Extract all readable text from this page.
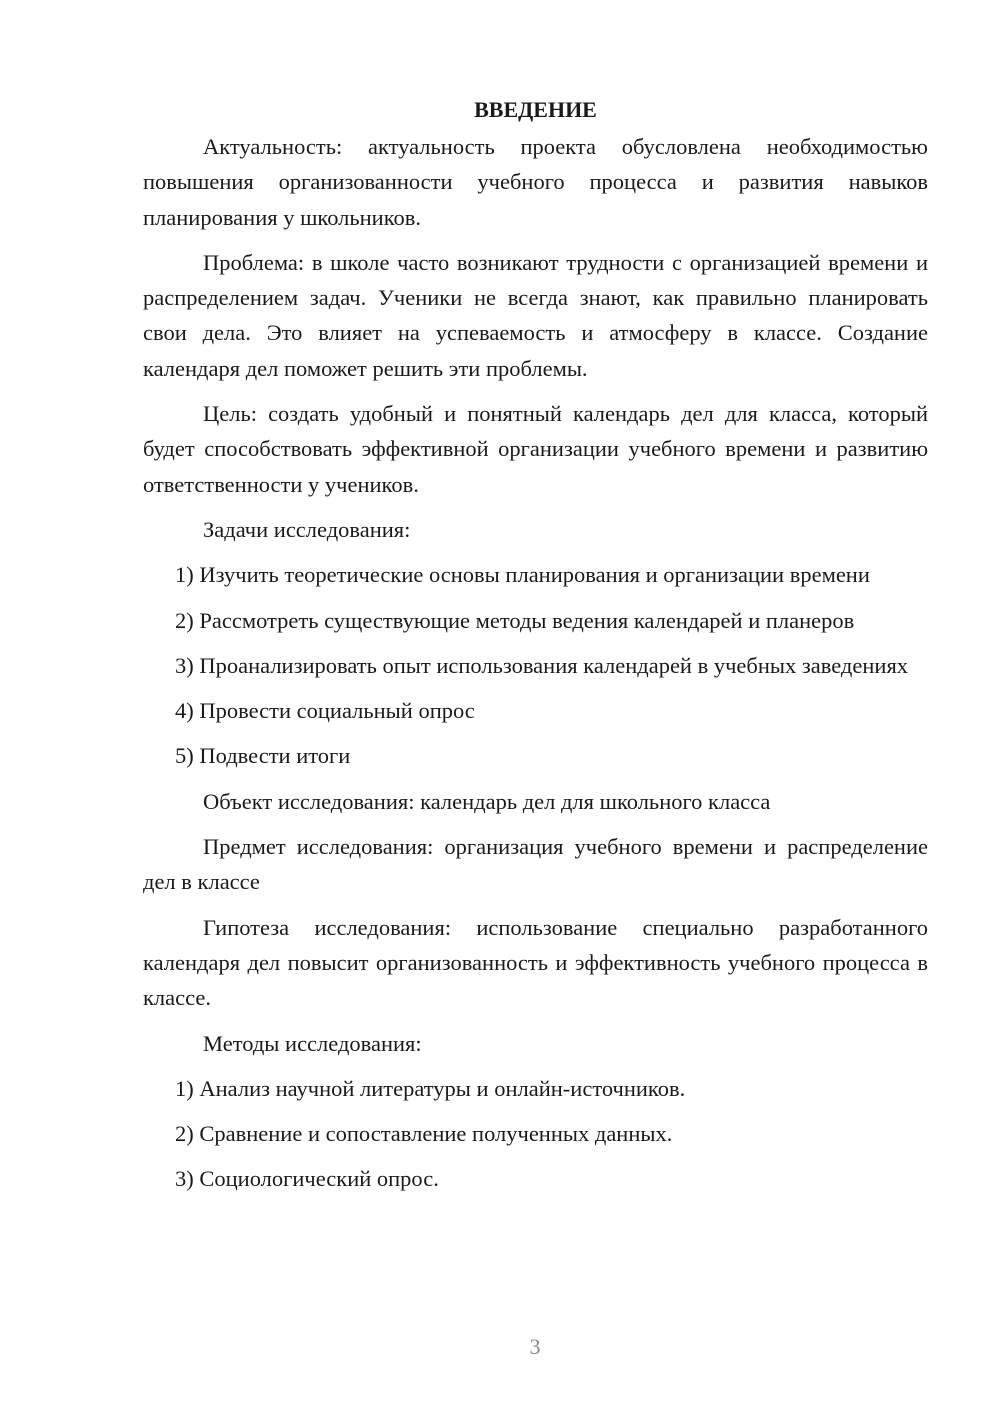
ВВЕДЕНИЕ
Актуальность: актуальность проекта обусловлена необходимостью повышения организованности учебного процесса и развития навыков планирования у школьников.
Проблема: в школе часто возникают трудности с организацией времени и распределением задач. Ученики не всегда знают, как правильно планировать свои дела. Это влияет на успеваемость и атмосферу в классе. Создание календаря дел поможет решить эти проблемы.
Цель: создать удобный и понятный календарь дел для класса, который будет способствовать эффективной организации учебного времени и развитию ответственности у учеников.
Задачи исследования:
1) Изучить теоретические основы планирования и организации времени
2) Рассмотреть существующие методы ведения календарей и планеров
3) Проанализировать опыт использования календарей в учебных заведениях
4) Провести социальный опрос
5) Подвести итоги
Объект исследования: календарь дел для школьного класса
Предмет исследования: организация учебного времени и распределение дел в классе
Гипотеза исследования: использование специально разработанного календаря дел повысит организованность и эффективность учебного процесса в классе.
Методы исследования:
1) Анализ научной литературы и онлайн-источников.
2) Сравнение и сопоставление полученных данных.
3) Социологический опрос.
3
